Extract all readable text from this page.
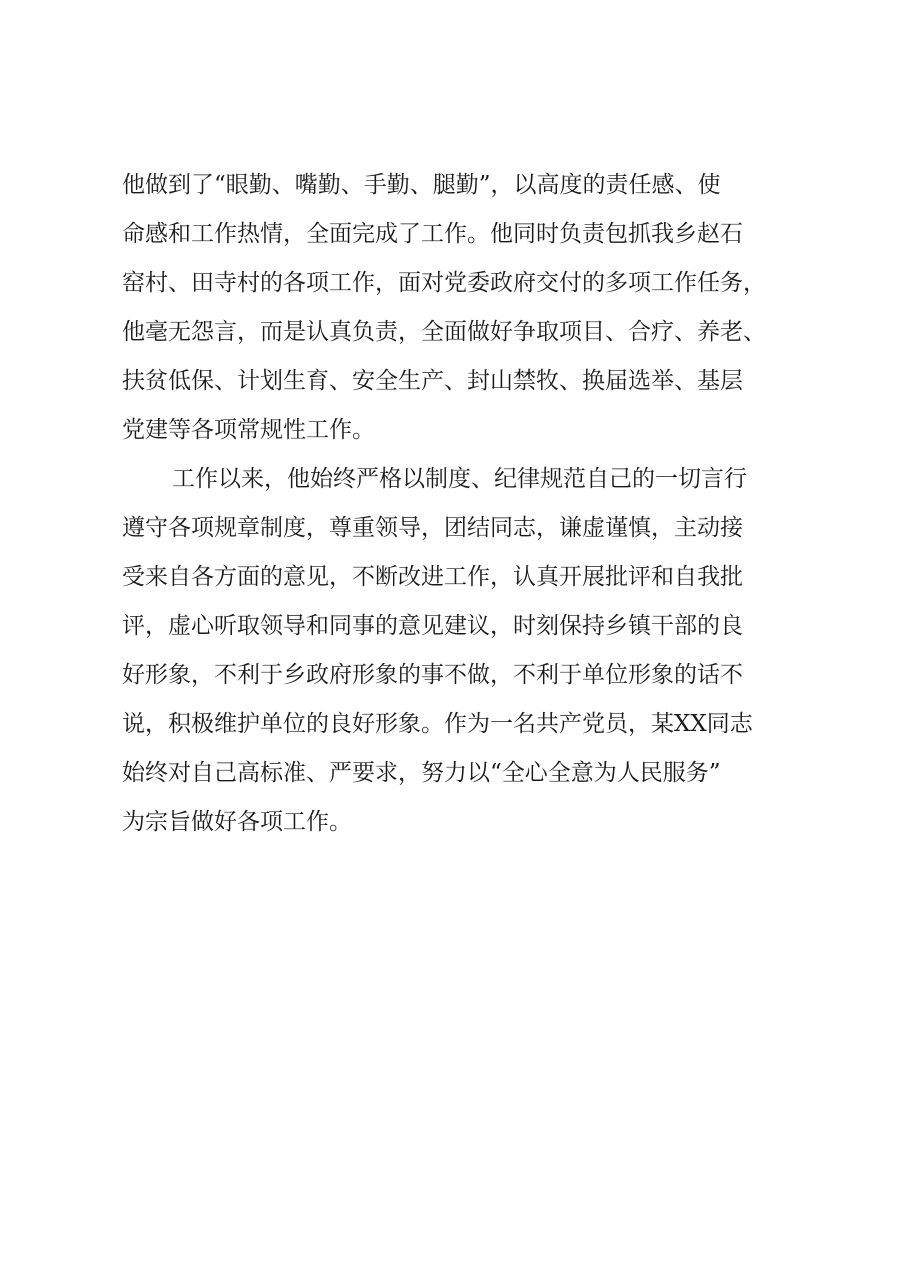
他做到了“眼勤、嘴勤、手勤、腿勤”，以高度的责任感、使
命感和工作热情，全面完成了工作。他同时负责包抓我乡赵石
窑村、田寺村的各项工作，面对党委政府交付的多项工作任务，
他毫无怨言，而是认真负责，全面做好争取项目、合疗、养老、
扶贫低保、计划生育、安全生产、封山禁牧、换届选举、基层
党建等各项常规性工作。
工作以来，他始终严格以制度、纪律规范自己的一切言行
遵守各项规章制度，尊重领导，团结同志，谦虚谨慎，主动接
受来自各方面的意见，不断改进工作，认真开展批评和自我批
评，虚心听取领导和同事的意见建议，时刻保持乡镇干部的良
好形象，不利于乡政府形象的事不做，不利于单位形象的话不
说，积极维护单位的良好形象。作为一名共产党员，某XX同志
始终对自己高标准、严要求，努力以“全心全意为人民服务”
为宗旨做好各项工作。
